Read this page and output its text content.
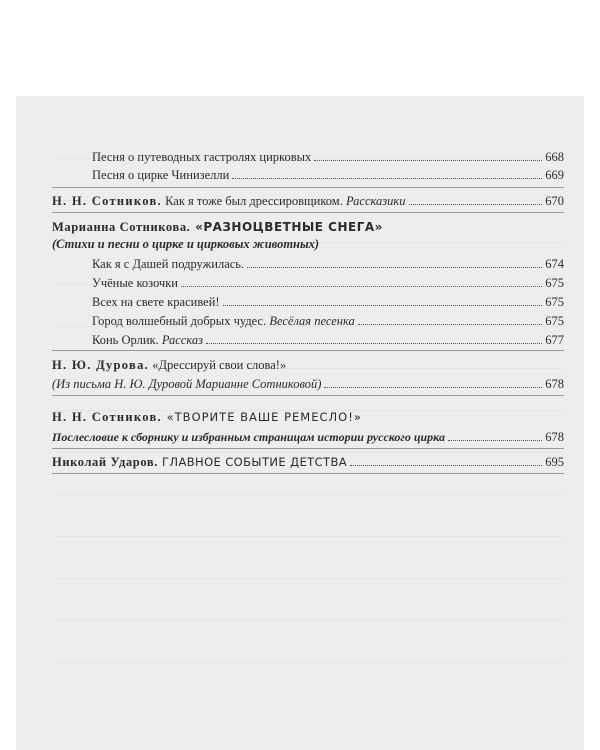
Песня о путеводных гастролях цирковых	668
Песня о цирке Чинизелли	669
Н. Н. Сотников. Как я тоже был дрессировщиком. Рассказики	670
Марианна Сотникова. «РАЗНОЦВЕТНЫЕ СНЕГА»
(Стихи и песни о цирке и цирковых животных)
Как я с Дашей подружилась.	674
Учёные козочки	675
Всех на свете красивей!	675
Город волшебный добрых чудес. Весёлая песенка	675
Конь Орлик. Рассказ	677
Н. Ю. Дурова. «Дрессируй свои слова!»
(Из письма Н. Ю. Дуровой Марианне Сотниковой)	678
Н. Н. Сотников. «ТВОРИТЕ ВАШЕ РЕМЕСЛО!»
Послесловие к сборнику и избранным страницам истории русского цирка	678
Николай Ударов. ГЛАВНОЕ СОБЫТИЕ ДЕТСТВА	695
